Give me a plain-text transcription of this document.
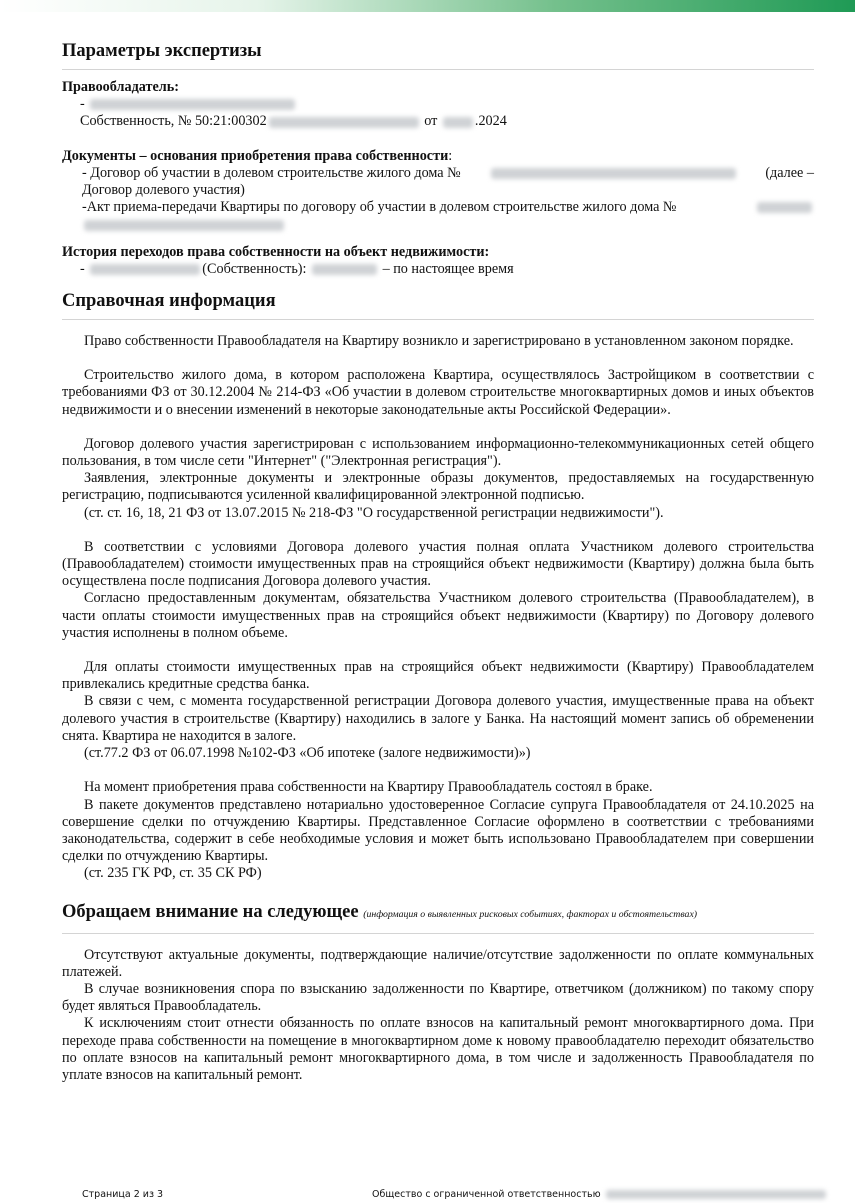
Параметры экспертизы
Правообладатель:
-
Собственность, № 50:21:00302	от	.2024
Документы – основания приобретения права собственности:
- Договор об участии в долевом строительстве жилого дома №	(далее –
Договор долевого участия)
-Акт приема-передачи Квартиры по договору об участии в долевом строительстве жилого дома №
История переходов права собственности на объект недвижимости:
-	(Собственность):	– по настоящее время
Справочная информация

Право собственности Правообладателя на Квартиру возникло и зарегистрировано в установленном законом порядке.

Строительство жилого дома, в котором расположена Квартира, осуществлялось Застройщиком в соответствии с требованиями ФЗ от 30.12.2004 № 214-ФЗ «Об участии в долевом строительстве многоквартирных домов и иных объектов недвижимости и о внесении изменений в некоторые законодательные акты Российской Федерации».

Договор долевого участия зарегистрирован с использованием информационно-телекоммуникационных сетей общего пользования, в том числе сети "Интернет" ("Электронная регистрация").

Заявления, электронные документы и электронные образы документов, предоставляемых на государственную регистрацию, подписываются усиленной квалифицированной электронной подписью.

(ст. ст. 16, 18, 21 ФЗ от 13.07.2015 № 218-ФЗ "О государственной регистрации недвижимости").

В соответствии с условиями Договора долевого участия полная оплата Участником долевого строительства (Правообладателем) стоимости имущественных прав на строящийся объект недвижимости (Квартиру) должна была быть осуществлена после подписания Договора долевого участия.

Согласно предоставленным документам, обязательства Участником долевого строительства (Правообладателем), в части оплаты стоимости имущественных прав на строящийся объект недвижимости (Квартиру) по Договору долевого участия исполнены в полном объеме.

Для оплаты стоимости имущественных прав на строящийся объект недвижимости (Квартиру) Правообладателем привлекались кредитные средства банка.

В связи с чем, с момента государственной регистрации Договора долевого участия, имущественные права на объект долевого участия в строительстве (Квартиру) находились в залоге у Банка. На настоящий момент запись об обременении снята. Квартира не находится в залоге.

(ст.77.2 ФЗ от 06.07.1998 №102-ФЗ «Об ипотеке (залоге недвижимости)»)

На момент приобретения права собственности на Квартиру Правообладатель состоял в браке.

В пакете документов представлено нотариально удостоверенное Согласие супруга Правообладателя от 24.10.2025 на совершение сделки по отчуждению Квартиры. Представленное Согласие оформлено в соответствии с требованиями законодательства, содержит в себе необходимые условия и может быть использовано Правообладателем при совершении сделки по отчуждению Квартиры.

(ст. 235 ГК РФ, ст. 35 СК РФ)

Обращаем внимание на следующее (информация о выявленных рисковых событиях, факторах и обстоятельствах)

Отсутствуют актуальные документы, подтверждающие наличие/отсутствие задолженности по оплате коммунальных платежей.

В случае возникновения спора по взысканию задолженности по Квартире, ответчиком (должником) по такому спору будет являться Правообладатель.

К исключениям стоит отнести обязанность по оплате взносов на капитальный ремонт многоквартирного дома. При переходе права собственности на помещение в многоквартирном доме к новому правообладателю переходит обязательство по оплате взносов на капитальный ремонт многоквартирного дома, в том числе и задолженность Правообладателя по уплате взносов на капитальный ремонт.

Страница 2 из 3	Общество с ограниченной ответственностью
